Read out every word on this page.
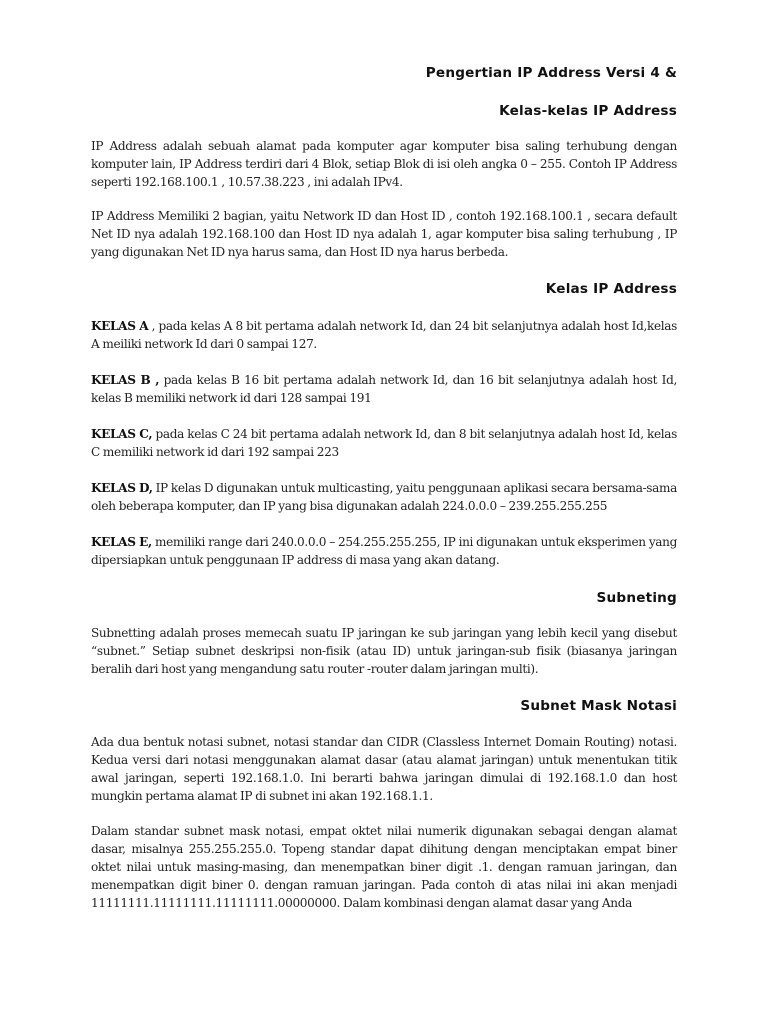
Pengertian IP Address Versi 4 &
Kelas-kelas IP Address

IP Address adalah sebuah alamat pada komputer agar komputer bisa saling terhubung dengan komputer lain, IP Address terdiri dari 4 Blok, setiap Blok di isi oleh angka 0 – 255. Contoh IP Address seperti 192.168.100.1 , 10.57.38.223 , ini adalah IPv4.

IP Address Memiliki 2 bagian, yaitu Network ID dan Host ID , contoh 192.168.100.1 , secara default Net ID nya adalah 192.168.100 dan Host ID nya adalah 1, agar komputer bisa saling terhubung , IP yang digunakan Net ID nya harus sama, dan Host ID nya harus berbeda.

Kelas IP Address

KELAS A , pada kelas A 8 bit pertama adalah network Id, dan 24 bit selanjutnya adalah host Id,kelas A meiliki network Id dari 0 sampai 127.

KELAS B , pada kelas B 16 bit pertama adalah network Id, dan 16 bit selanjutnya adalah host Id, kelas B memiliki network id dari 128 sampai 191

KELAS C, pada kelas C 24 bit pertama adalah network Id, dan 8 bit selanjutnya adalah host Id, kelas C memiliki network id dari 192 sampai 223

KELAS D, IP kelas D digunakan untuk multicasting, yaitu penggunaan aplikasi secara bersama-sama oleh beberapa komputer, dan IP yang bisa digunakan adalah 224.0.0.0 – 239.255.255.255

KELAS E, memiliki range dari 240.0.0.0 – 254.255.255.255, IP ini digunakan untuk eksperimen yang dipersiapkan untuk penggunaan IP address di masa yang akan datang.

Subneting

Subnetting adalah proses memecah suatu IP jaringan ke sub jaringan yang lebih kecil yang disebut “subnet.” Setiap subnet deskripsi non-fisik (atau ID) untuk jaringan-sub fisik (biasanya jaringan beralih dari host yang mengandung satu router -router dalam jaringan multi).

Subnet Mask Notasi

Ada dua bentuk notasi subnet, notasi standar dan CIDR (Classless Internet Domain Routing) notasi. Kedua versi dari notasi menggunakan alamat dasar (atau alamat jaringan) untuk menentukan titik awal jaringan, seperti 192.168.1.0. Ini berarti bahwa jaringan dimulai di 192.168.1.0 dan host mungkin pertama alamat IP di subnet ini akan 192.168.1.1.

Dalam standar subnet mask notasi, empat oktet nilai numerik digunakan sebagai dengan alamat dasar, misalnya 255.255.255.0. Topeng standar dapat dihitung dengan menciptakan empat biner oktet nilai untuk masing-masing, dan menempatkan biner digit .1. dengan ramuan jaringan, dan menempatkan digit biner 0. dengan ramuan jaringan. Pada contoh di atas nilai ini akan menjadi 11111111.11111111.11111111.00000000. Dalam kombinasi dengan alamat dasar yang Anda
